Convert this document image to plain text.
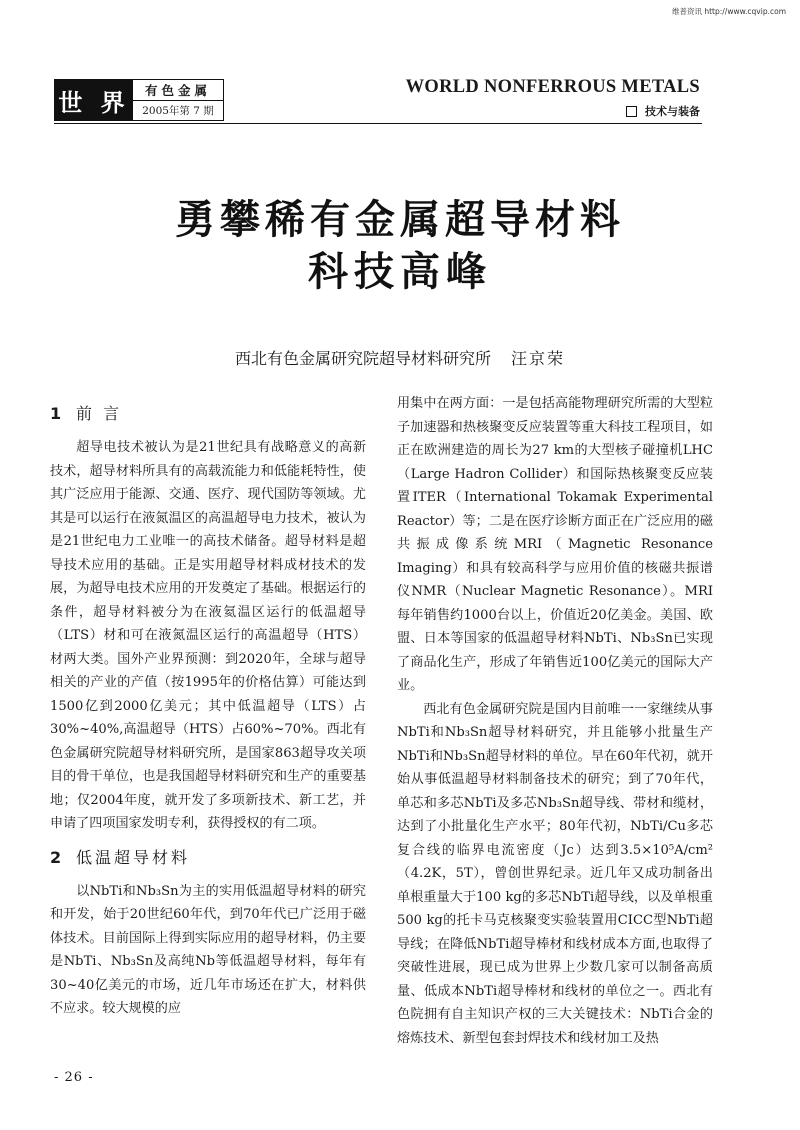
维普资讯 http://www.cqvip.com
世 界	有色金属
2005年第 7 期
WORLD NONFERROUS METALS
技术与装备
勇攀稀有金属超导材料
科技高峰
西北有色金属研究院超导材料研究所 汪京荣
1 前 言

超导电技术被认为是21世纪具有战略意义的高新技术，超导材料所具有的高载流能力和低能耗特性，使其广泛应用于能源、交通、医疗、现代国防等领域。尤其是可以运行在液氮温区的高温超导电力技术，被认为是21世纪电力工业唯一的高技术储备。超导材料是超导技术应用的基础。正是实用超导材料成材技术的发展，为超导电技术应用的开发奠定了基础。根据运行的条件，超导材料被分为在液氦温区运行的低温超导（LTS）材和可在液氮温区运行的高温超导（HTS）材两大类。国外产业界预测：到2020年，全球与超导相关的产业的产值（按1995年的价格估算）可能达到1500亿到2000亿美元；其中低温超导（LTS）占30%~40%,高温超导（HTS）占60%~70%。西北有色金属研究院超导材料研究所，是国家863超导攻关项目的骨干单位，也是我国超导材料研究和生产的重要基地；仅2004年度，就开发了多项新技术、新工艺，并申请了四项国家发明专利，获得授权的有二项。

2 低温超导材料

以NbTi和Nb₃Sn为主的实用低温超导材料的研究和开发，始于20世纪60年代，到70年代已广泛用于磁体技术。目前国际上得到实际应用的超导材料，仍主要是NbTi、Nb₃Sn及高纯Nb等低温超导材料，每年有30~40亿美元的市场，近几年市场还在扩大，材料供不应求。较大规模的应

用集中在两方面：一是包括高能物理研究所需的大型粒子加速器和热核聚变反应装置等重大科技工程项目，如正在欧洲建造的周长为27 km的大型核子碰撞机LHC（Large Hadron Collider）和国际热核聚变反应装置ITER（International Tokamak Experimental Reactor）等；二是在医疗诊断方面正在广泛应用的磁共振成像系统MRI（Magnetic Resonance Imaging）和具有较高科学与应用价值的核磁共振谱仪NMR（Nuclear Magnetic Resonance）。MRI每年销售约1000台以上，价值近20亿美金。美国、欧盟、日本等国家的低温超导材料NbTi、Nb₃Sn已实现了商品化生产，形成了年销售近100亿美元的国际大产业。

西北有色金属研究院是国内目前唯一一家继续从事NbTi和Nb₃Sn超导材料研究，并且能够小批量生产NbTi和Nb₃Sn超导材料的单位。早在60年代初，就开始从事低温超导材料制备技术的研究；到了70年代，单芯和多芯NbTi及多芯Nb₃Sn超导线、带材和缆材，达到了小批量化生产水平；80年代初，NbTi/Cu多芯复合线的临界电流密度（Jc）达到3.5×10⁵A/cm²（4.2K，5T），曾创世界纪录。近几年又成功制备出单根重量大于100 kg的多芯NbTi超导线，以及单根重500 kg的托卡马克核聚变实验装置用CICC型NbTi超导线；在降低NbTi超导棒材和线材成本方面,也取得了突破性进展，现已成为世界上少数几家可以制备高质量、低成本NbTi超导棒材和线材的单位之一。西北有色院拥有自主知识产权的三大关键技术：NbTi合金的熔炼技术、新型包套封焊技术和线材加工及热

- 26 -
